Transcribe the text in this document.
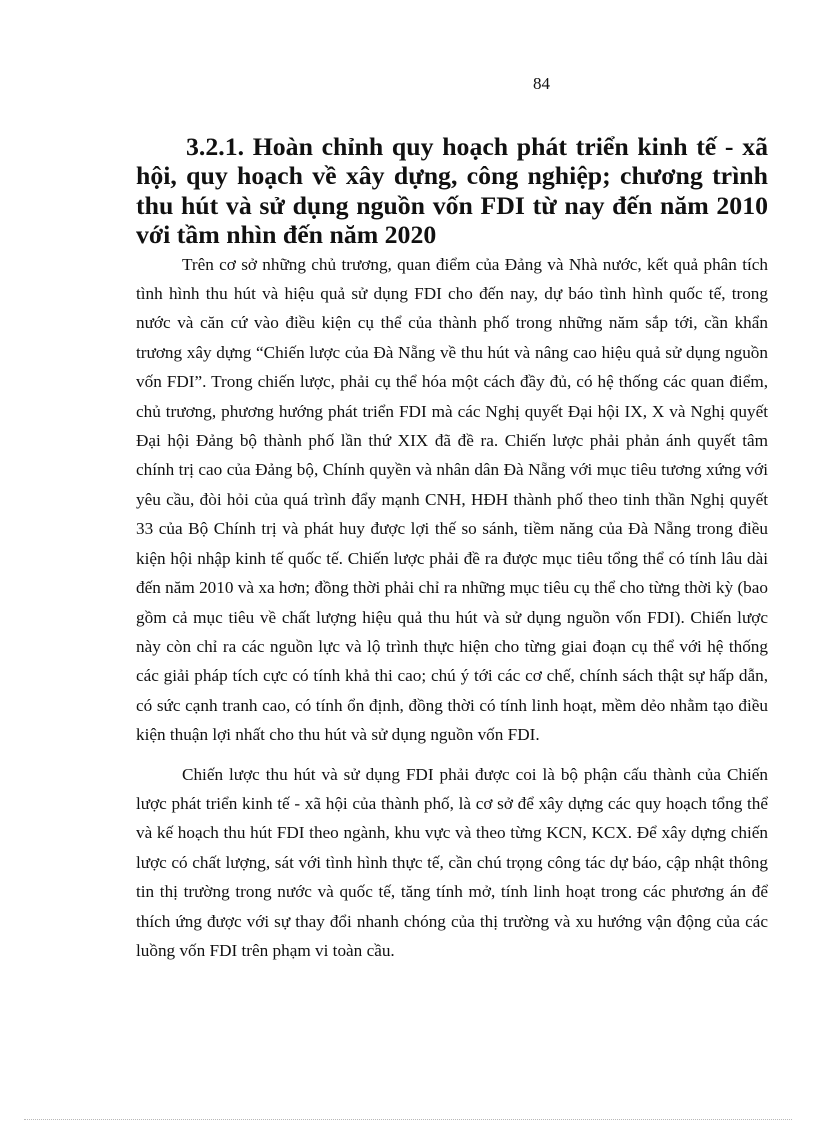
84
3.2.1. Hoàn chỉnh quy hoạch phát triển kinh tế - xã hội, quy hoạch về xây dựng, công nghiệp; chương trình thu hút và sử dụng nguồn vốn FDI từ nay đến năm 2010 với tầm nhìn đến năm 2020

Trên cơ sở những chủ trương, quan điểm của Đảng và Nhà nước, kết quả phân tích tình hình thu hút và hiệu quả sử dụng FDI cho đến nay, dự báo tình hình quốc tế, trong nước và căn cứ vào điều kiện cụ thể của thành phố trong những năm sắp tới, cần khẩn trương xây dựng “Chiến lược của Đà Nẵng về thu hút và nâng cao hiệu quả sử dụng nguồn vốn FDI”. Trong chiến lược, phải cụ thể hóa một cách đầy đủ, có hệ thống các quan điểm, chủ trương, phương hướng phát triển FDI mà các Nghị quyết Đại hội IX, X và Nghị quyết Đại hội Đảng bộ thành phố lần thứ XIX đã đề ra. Chiến lược phải phản ánh quyết tâm chính trị cao của Đảng bộ, Chính quyền và nhân dân Đà Nẵng với mục tiêu tương xứng với yêu cầu, đòi hỏi của quá trình đẩy mạnh CNH, HĐH thành phố theo tinh thần Nghị quyết 33 của Bộ Chính trị và phát huy được lợi thế so sánh, tiềm năng của Đà Nẵng trong điều kiện hội nhập kinh tế quốc tế. Chiến lược phải đề ra được mục tiêu tổng thể có tính lâu dài đến năm 2010 và xa hơn; đồng thời phải chỉ ra những mục tiêu cụ thể cho từng thời kỳ (bao gồm cả mục tiêu về chất lượng hiệu quả thu hút và sử dụng nguồn vốn FDI). Chiến lược này còn chỉ ra các nguồn lực và lộ trình thực hiện cho từng giai đoạn cụ thể với hệ thống các giải pháp tích cực có tính khả thi cao; chú ý tới các cơ chế, chính sách thật sự hấp dẫn, có sức cạnh tranh cao, có tính ổn định, đồng thời có tính linh hoạt, mềm dẻo nhằm tạo điều kiện thuận lợi nhất cho thu hút và sử dụng nguồn vốn FDI.

Chiến lược thu hút và sử dụng FDI phải được coi là bộ phận cấu thành của Chiến lược phát triển kinh tế - xã hội của thành phố, là cơ sở để xây dựng các quy hoạch tổng thể và kế hoạch thu hút FDI theo ngành, khu vực và theo từng KCN, KCX. Để xây dựng chiến lược có chất lượng, sát với tình hình thực tế, cần chú trọng công tác dự báo, cập nhật thông tin thị trường trong nước và quốc tế, tăng tính mở, tính linh hoạt trong các phương án để thích ứng được với sự thay đổi nhanh chóng của thị trường và xu hướng vận động của các luồng vốn FDI trên phạm vi toàn cầu.
